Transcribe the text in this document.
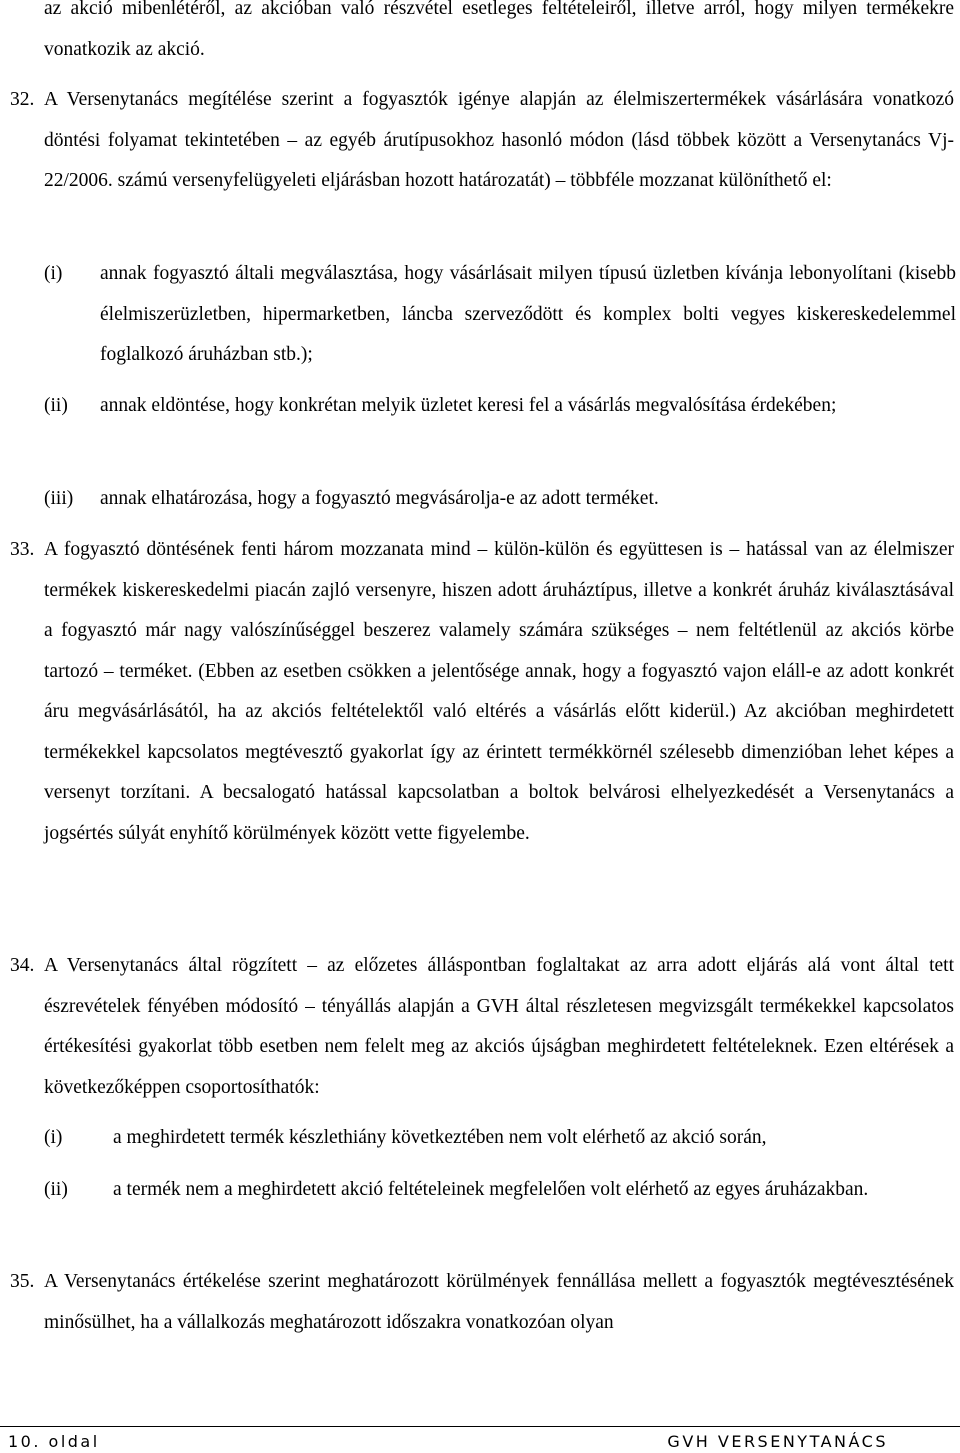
az akció mibenlétéről, az akcióban való részvétel esetleges feltételeiről, illetve arról, hogy milyen termékekre vonatkozik az akció.

32. A Versenytanács megítélése szerint a fogyasztók igénye alapján az élelmiszertermékek vásárlására vonatkozó döntési folyamat tekintetében – az egyéb árutípusokhoz hasonló módon (lásd többek között a Versenytanács Vj-22/2006. számú versenyfelügyeleti eljárásban hozott határozatát) – többféle mozzanat különíthető el:

(i) annak fogyasztó általi megválasztása, hogy vásárlásait milyen típusú üzletben kívánja lebonyolítani (kisebb élelmiszerüzletben, hipermarketben, láncba szerveződött és komplex bolti vegyes kiskereskedelemmel foglalkozó áruházban stb.);

(ii) annak eldöntése, hogy konkrétan melyik üzletet keresi fel a vásárlás megvalósítása érdekében;

(iii) annak elhatározása, hogy a fogyasztó megvásárolja-e az adott terméket.

33. A fogyasztó döntésének fenti három mozzanata mind – külön-külön és együttesen is – hatással van az élelmiszer termékek kiskereskedelmi piacán zajló versenyre, hiszen adott áruháztípus, illetve a konkrét áruház kiválasztásával a fogyasztó már nagy valószínűséggel beszerez valamely számára szükséges – nem feltétlenül az akciós körbe tartozó – terméket. (Ebben az esetben csökken a jelentősége annak, hogy a fogyasztó vajon eláll-e az adott konkrét áru megvásárlásától, ha az akciós feltételektől való eltérés a vásárlás előtt kiderül.) Az akcióban meghirdetett termékekkel kapcsolatos megtévesztő gyakorlat így az érintett termékkörnél szélesebb dimenzióban lehet képes a versenyt torzítani. A becsalogató hatással kapcsolatban a boltok belvárosi elhelyezkedését a Versenytanács a jogsértés súlyát enyhítő körülmények között vette figyelembe.

34. A Versenytanács által rögzített – az előzetes álláspontban foglaltakat az arra adott eljárás alá vont által tett észrevételek fényében módosító – tényállás alapján a GVH által részletesen megvizsgált termékekkel kapcsolatos értékesítési gyakorlat több esetben nem felelt meg az akciós újságban meghirdetett feltételeknek. Ezen eltérések a következőképpen csoportosíthatók:

(i)	a meghirdetett termék készlethiány következtében nem volt elérhető az akció során,

(ii) a termék nem a meghirdetett akció feltételeinek megfelelően volt elérhető az egyes áruházakban.

35. A Versenytanács értékelése szerint meghatározott körülmények fennállása mellett a fogyasztók megtévesztésének minősülhet, ha a vállalkozás meghatározott időszakra vonatkozóan olyan

10. oldal	GVH VERSENYTANÁCS
